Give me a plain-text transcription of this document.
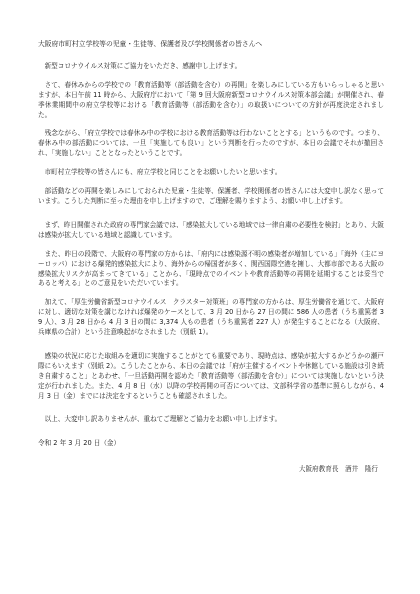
大阪府市町村立学校等の児童・生徒等、保護者及び学校関係者の皆さんへ

新型コロナウイルス対策にご協力をいただき、感謝申し上げます。

さて、春休みからの学校での「教育活動等（部活動を含む）の再開」を楽しみにしている方もいらっしゃると思いますが、本日午前 11 時から、大阪府庁において「第 9 回大阪府新型コロナウイルス対策本部会議」が開催され、春季休業期間中の府立学校等における「教育活動等（部活動を含む）」の取扱いについての方針が再度決定されました。

残念ながら、「府立学校では春休み中の学校における教育活動等は行わないこととする」というものです。つまり、春休み中の部活動については、一旦「実施しても良い」という判断を行ったのですが、本日の会議でそれが撤回され、「実施しない」こととなったということです。

市町村立学校等の皆さんにも、府立学校と同じことをお願いしたいと思います。

部活動などの再開を楽しみにしておられた児童・生徒等、保護者、学校関係者の皆さんには大変申し訳なく思っています。こうした判断に至った理由を申し上げますので、ご理解を賜りますよう、お願い申し上げます。

まず、昨日開催された政府の専門家会議では、「感染拡大している地域では一律自粛の必要性を検討」とあり、大阪は感染が拡大している地域と認識しています。

また、昨日の段階で、大阪府の専門家の方からは、「府内には感染源不明の感染者が増加している」「海外（主にヨーロッパ）における爆発的感染拡大により、海外からの帰国者が多く、関西国際空港を擁し、大都市部である大阪の感染拡大リスクが高まってきている」ことから、「現時点でのイベントや教育活動等の再開を延期することは妥当であると考える」とのご意見をいただいています。

加えて、「厚生労働省新型コロナウイルス　クラスター対策班」の専門家の方からは、厚生労働省を通じて、大阪府に対し、適切な対策を講じなければ爆発のケースとして、3 月 20 日から 27 日の間に 586 人の患者（うち重篤者 39 人）、3 月 28 日から 4 月 3 日の間に 3,374 人もの患者（うち重篤者 227 人）が発生することになる（大阪府、兵庫県の合計）という注意喚起がなされました（別紙 1）。

感染の状況に応じた取組みを適切に実施することがとても重要であり、現時点は、感染が拡大するかどうかの瀬戸際にもいえます（別紙 2）。こうしたことから、本日の会議では「府が主催するイベントや休館している施設は引き続き自粛すること」とあわせ、「一旦活動再開を認めた「教育活動等（部活動を含む）」については実施しないという決定が行われました。また、4 月 8 日（水）以降の学校再開の可否については、文部科学省の基準に照らしながら、4 月 3 日（金）までには決定をするということも確認されました。

以上、大変申し訳ありませんが、重ねてご理解とご協力をお願い申し上げます。

令和 2 年 3 月 20 日（金）
大阪府教育長　酒井　隆行
